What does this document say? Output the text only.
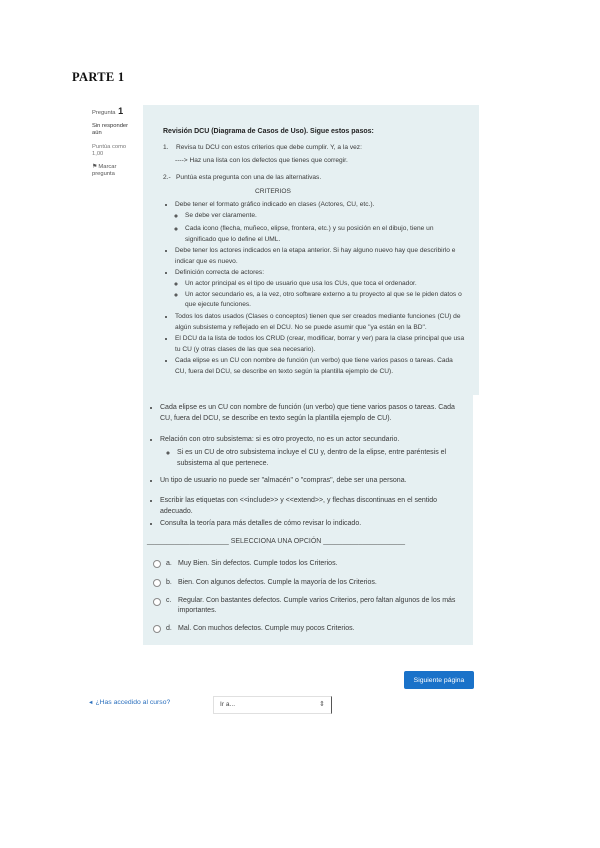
PARTE 1
Pregunta 1
Sin responder aún
Puntúa como 1,00
⚑Marcar pregunta
Revisión DCU (Diagrama de Casos de Uso). Sigue estos pasos:
1. Revisa tu DCU con estos criterios que debe cumplir. Y, a la vez:
----> Haz una lista con los defectos que tienes que corregir.
2.- Puntúa esta pregunta con una de las alternativas.
CRITERIOS
• Debe tener el formato gráfico indicado en clases (Actores, CU, etc.).
◦ Se debe ver claramente.
◦ Cada icono (flecha, muñeco, elipse, frontera, etc.) y su posición en el dibujo, tiene un significado que lo define el UML.
• Debe tener los actores indicados en la etapa anterior. Si hay alguno nuevo hay que describirlo e indicar que es nuevo.
• Definición correcta de actores:
◦ Un actor principal es el tipo de usuario que usa los CUs, que toca el ordenador.
◦ Un actor secundario es, a la vez, otro software externo a tu proyecto al que se le piden datos o que ejecute funciones.
• Todos los datos usados (Clases o conceptos) tienen que ser creados mediante funciones (CU) de algún subsistema y reflejado en el DCU. No se puede asumir que "ya están en la BD".
• El DCU da la lista de todos los CRUD (crear, modificar, borrar y ver) para la clase principal que usa tu CU (y otras clases de las que sea necesario).
• Cada elipse es un CU con nombre de función (un verbo) que tiene varios pasos o tareas. Cada CU, fuera del DCU, se describe en texto según la plantilla ejemplo de CU).
• Cada elipse es un CU con nombre de función (un verbo) que tiene varios pasos o tareas. Cada CU, fuera del DCU, se describe en texto según la plantilla ejemplo de CU).
• Relación con otro subsistema: si es otro proyecto, no es un actor secundario.
◦ Si es un CU de otro subsistema incluye el CU y, dentro de la elipse, entre paréntesis el subsistema al que pertenece.
• Un tipo de usuario no puede ser "almacén" o "compras", debe ser una persona.
• Escribir las etiquetas con <<include>> y <<extend>>, y flechas discontinuas en el sentido adecuado.
• Consulta la teoría para más detalles de cómo revisar lo indicado.
_____________________ SELECCIONA UNA OPCIÓN _____________________
a. Muy Bien. Sin defectos. Cumple todos los Criterios.
b. Bien. Con algunos defectos. Cumple la mayoría de los Criterios.
c. Regular. Con bastantes defectos. Cumple varios Criterios, pero faltan algunos de los más importantes.
d. Mal. Con muchos defectos. Cumple muy pocos Criterios.
Siguiente página
◄ ¿Has accedido al curso?	Ir a...	⇕
